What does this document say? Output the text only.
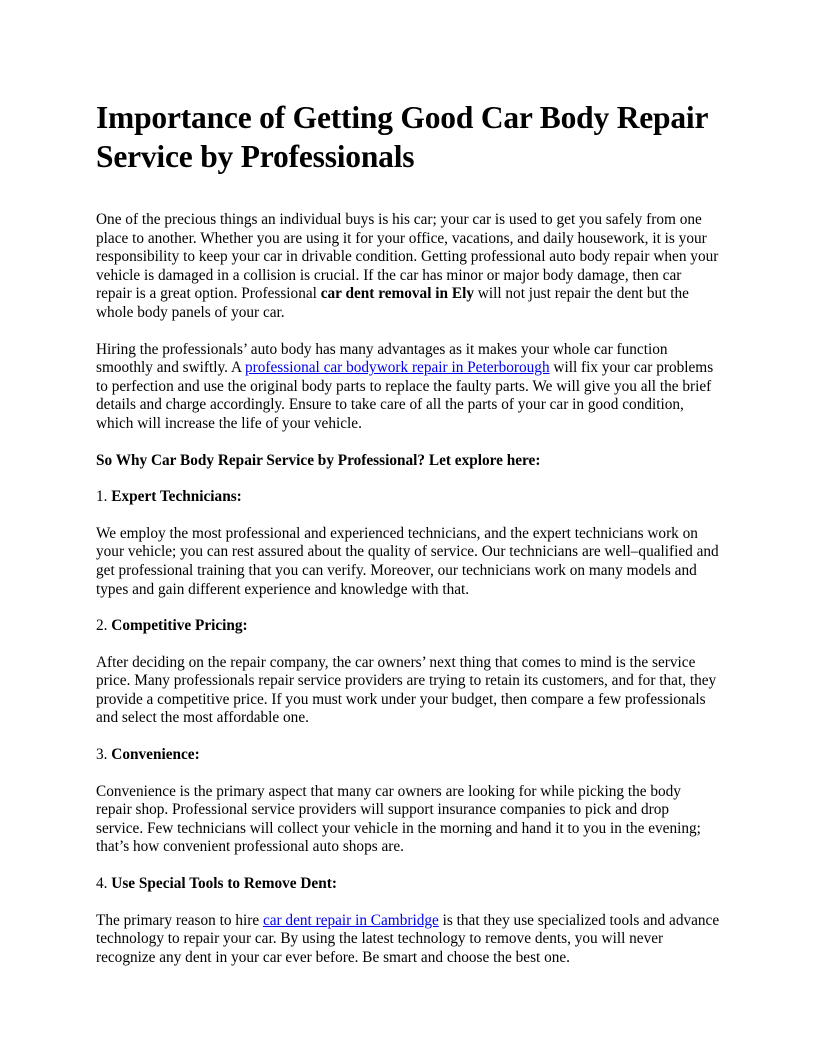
Importance of Getting Good Car Body Repair Service by Professionals

One of the precious things an individual buys is his car; your car is used to get you safely from one place to another. Whether you are using it for your office, vacations, and daily housework, it is your responsibility to keep your car in drivable condition. Getting professional auto body repair when your vehicle is damaged in a collision is crucial. If the car has minor or major body damage, then car repair is a great option. Professional car dent removal in Ely will not just repair the dent but the whole body panels of your car.

Hiring the professionals’ auto body has many advantages as it makes your whole car function smoothly and swiftly. A professional car bodywork repair in Peterborough will fix your car problems to perfection and use the original body parts to replace the faulty parts. We will give you all the brief details and charge accordingly. Ensure to take care of all the parts of your car in good condition, which will increase the life of your vehicle.

So Why Car Body Repair Service by Professional? Let explore here:

1. Expert Technicians:

We employ the most professional and experienced technicians, and the expert technicians work on your vehicle; you can rest assured about the quality of service. Our technicians are well–qualified and get professional training that you can verify. Moreover, our technicians work on many models and types and gain different experience and knowledge with that.

2. Competitive Pricing:

After deciding on the repair company, the car owners’ next thing that comes to mind is the service price. Many professionals repair service providers are trying to retain its customers, and for that, they provide a competitive price. If you must work under your budget, then compare a few professionals and select the most affordable one.

3. Convenience:

Convenience is the primary aspect that many car owners are looking for while picking the body repair shop. Professional service providers will support insurance companies to pick and drop service. Few technicians will collect your vehicle in the morning and hand it to you in the evening; that’s how convenient professional auto shops are.

4. Use Special Tools to Remove Dent:

The primary reason to hire car dent repair in Cambridge is that they use specialized tools and advance technology to repair your car. By using the latest technology to remove dents, you will never recognize any dent in your car ever before. Be smart and choose the best one.
